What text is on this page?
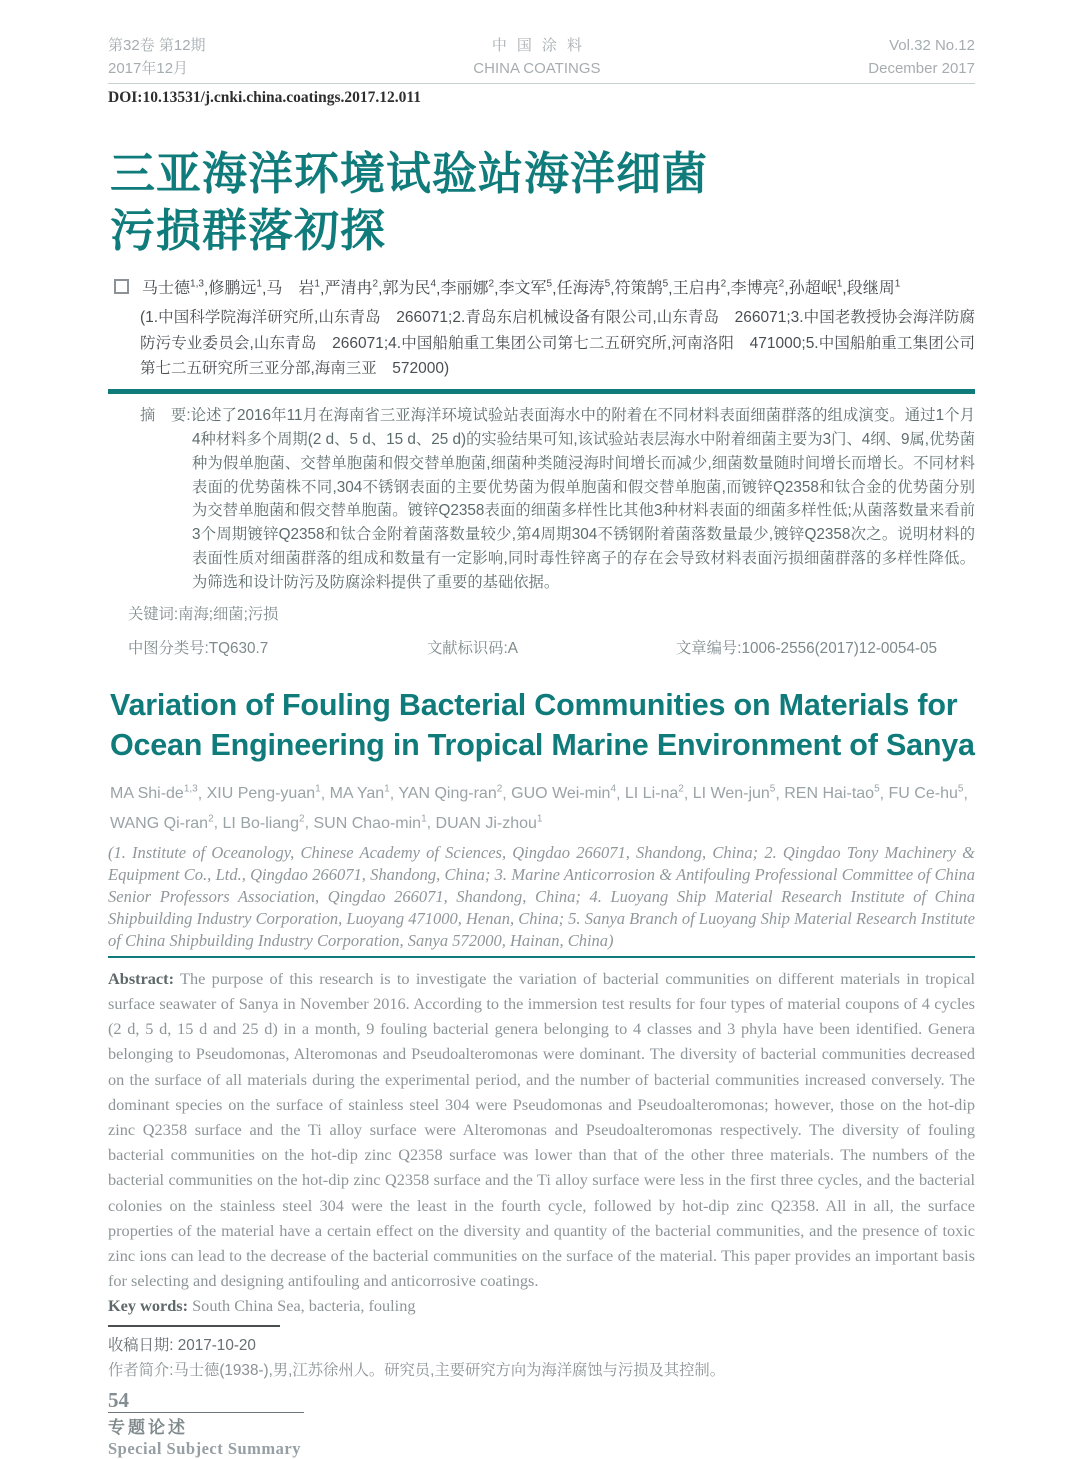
第32卷 第12期
2017年12月
中国涂料
CHINA COATINGS
Vol.32 No.12
December 2017
DOI:10.13531/j.cnki.china.coatings.2017.12.011
三亚海洋环境试验站海洋细菌
污损群落初探

马士德$^{1,3}$,修鹏远$^1$,马　岩$^1$,严清冉$^2$,郭为民$^4$,李丽娜$^2$,李文军$^5$,任海涛$^5$,符策鹄$^5$,王启冉$^2$,李博亮$^2$,孙超岷$^1$,段继周$^1$

(1.中国科学院海洋研究所,山东青岛　266071;2.青岛东启机械设备有限公司,山东青岛　266071;3.中国老教授协会海洋防腐防污专业委员会,山东青岛　266071;4.中国船舶重工集团公司第七二五研究所,河南洛阳　471000;5.中国船舶重工集团公司第七二五研究所三亚分部,海南三亚　572000)

摘　要:论述了2016年11月在海南省三亚海洋环境试验站表面海水中的附着在不同材料表面细菌群落的组成演变。通过1个月4种材料多个周期(2 d、5 d、15 d、25 d)的实验结果可知,该试验站表层海水中附着细菌主要为3门、4纲、9属,优势菌种为假单胞菌、交替单胞菌和假交替单胞菌,细菌种类随浸海时间增长而减少,细菌数量随时间增长而增长。不同材料表面的优势菌株不同,304不锈钢表面的主要优势菌为假单胞菌和假交替单胞菌,而镀锌Q2358和钛合金的优势菌分别为交替单胞菌和假交替单胞菌。镀锌Q2358表面的细菌多样性比其他3种材料表面的细菌多样性低;从菌落数量来看前3个周期镀锌Q2358和钛合金附着菌落数量较少,第4周期304不锈钢附着菌落数量最少,镀锌Q2358次之。说明材料的表面性质对细菌群落的组成和数量有一定影响,同时毒性锌离子的存在会导致材料表面污损细菌群落的多样性降低。为筛选和设计防污及防腐涂料提供了重要的基础依据。

关键词:南海;细菌;污损

中图分类号:TQ630.7	文献标识码:A	文章编号:1006-2556(2017)12-0054-05
Variation of Fouling Bacterial Communities on Materials for Ocean Engineering in Tropical Marine Environment of Sanya

MA Shi-de$^{1,3}$, XIU Peng-yuan$^1$, MA Yan$^1$, YAN Qing-ran$^2$, GUO Wei-$\min^4$, LI $Li-na^2$, LI Wen-jun$^5$, REN Hai-tao$^5$, FU $Ce-hu^5$, WANG Qi-ran$^2$, LI Bo-liang$^2$, SUN Chao-$\min^1$, DUAN Ji-zhou$^1$

(1. Institute of Oceanology, Chinese Academy of Sciences, Qingdao 266071, Shandong, China; 2. Qingdao Tony Machinery & Equipment Co., Ltd., Qingdao 266071, Shandong, China; 3. Marine Anticorrosion & Antifouling Professional Committee of China Senior Professors Association, Qingdao 266071, Shandong, China; 4. Luoyang Ship Material Research Institute of China Shipbuilding Industry Corporation, Luoyang 471000, Henan, China; 5. Sanya Branch of Luoyang Ship Material Research Institute of China Shipbuilding Industry Corporation, Sanya 572000, Hainan, China)

Abstract: The purpose of this research is to investigate the variation of bacterial communities on different materials in tropical surface seawater of Sanya in November 2016. According to the immersion test results for four types of material coupons of 4 cycles (2 d, 5 d, 15 d and 25 d) in a month, 9 fouling bacterial genera belonging to 4 classes and 3 phyla have been identified. Genera belonging to Pseudomonas, Alteromonas and Pseudoalteromonas were dominant. The diversity of bacterial communities decreased on the surface of all materials during the experimental period, and the number of bacterial communities increased conversely. The dominant species on the surface of stainless steel 304 were Pseudomonas and Pseudoalteromonas; however, those on the hot-dip zinc Q2358 surface and the Ti alloy surface were Alteromonas and Pseudoalteromonas respectively. The diversity of fouling bacterial communities on the hot-dip zinc Q2358 surface was lower than that of the other three materials. The numbers of the bacterial communities on the hot-dip zinc Q2358 surface and the Ti alloy surface were less in the first three cycles, and the bacterial colonies on the stainless steel 304 were the least in the fourth cycle, followed by hot-dip zinc Q2358. All in all, the surface properties of the material have a certain effect on the diversity and quantity of the bacterial communities, and the presence of toxic zinc ions can lead to the decrease of the bacterial communities on the surface of the material. This paper provides an important basis for selecting and designing antifouling and anticorrosive coatings.

Key words: South China Sea, bacteria, fouling

收稿日期: 2017-10-20

作者简介:马士德(1938-),男,江苏徐州人。研究员,主要研究方向为海洋腐蚀与污损及其控制。

54
专题论述
Special Subject Summary
